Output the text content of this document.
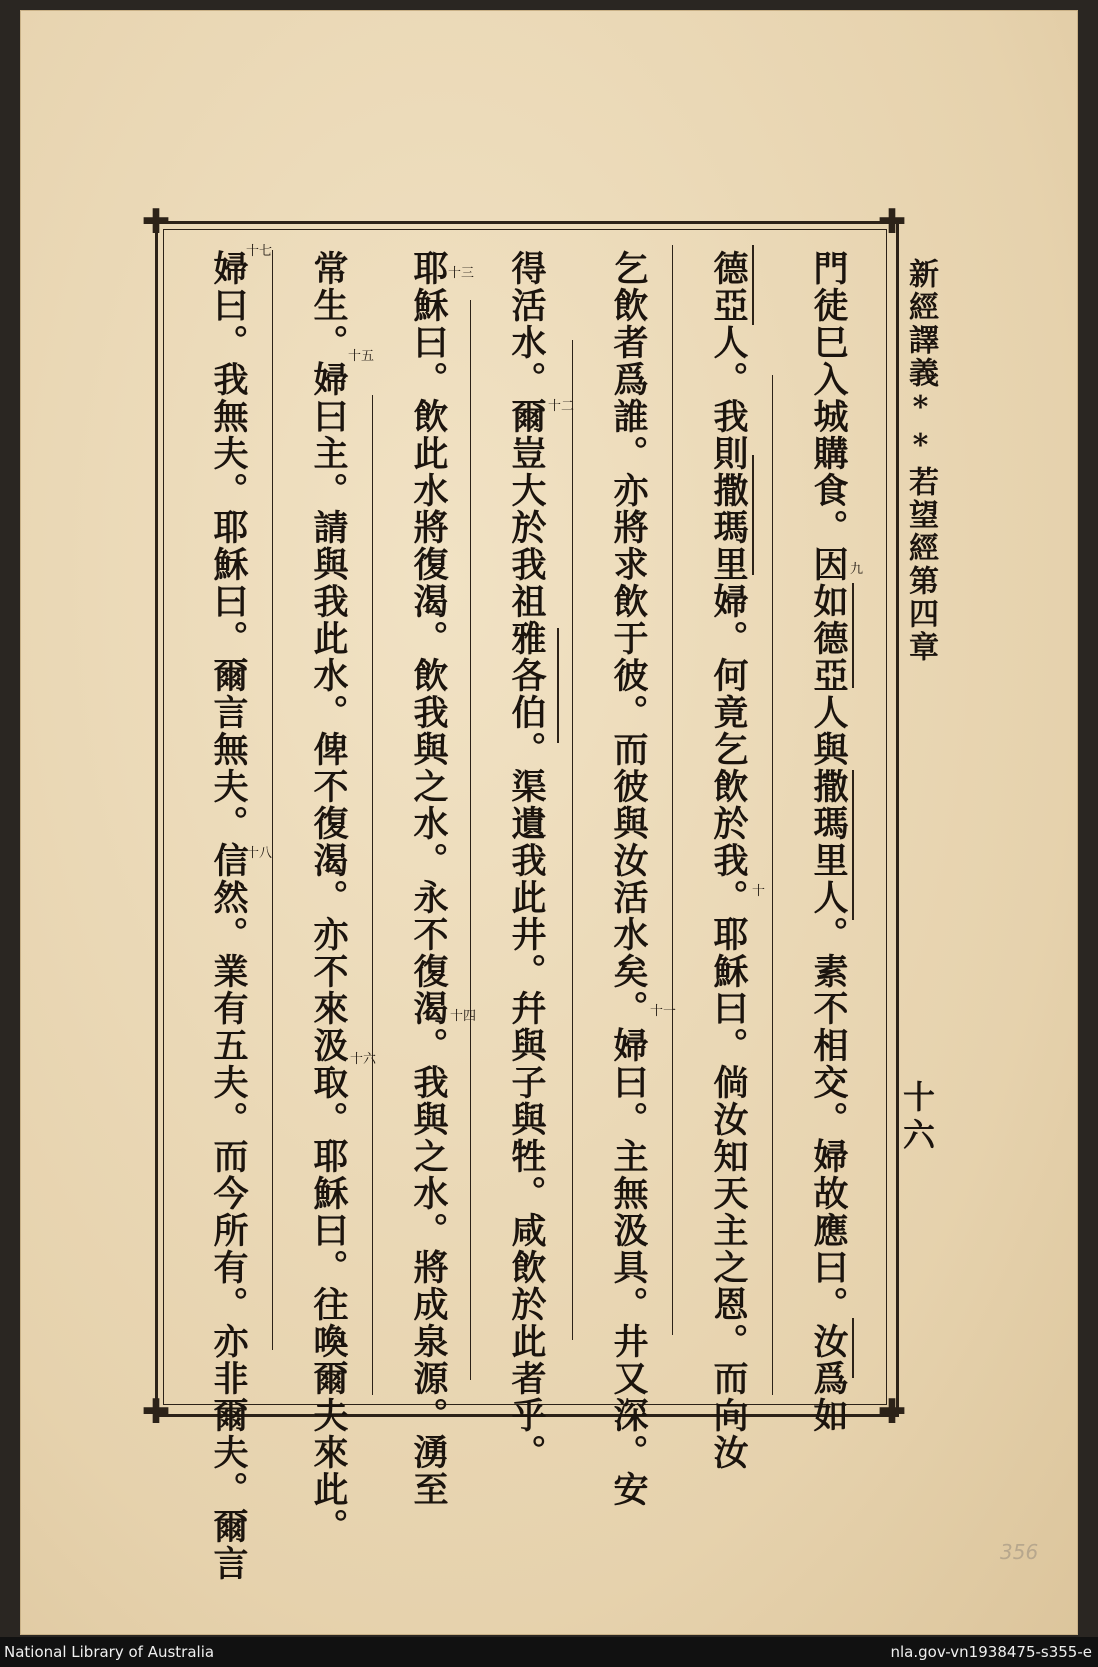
✚	✚
✚	✚
新經譯義**若望經第四章
十六
門徒巳入城購食。因如德亞人與撒瑪里人。素不相交。婦故應曰。汝爲如
德亞人。我則撒瑪里婦。何竟乞飲於我。耶穌曰。倘汝知天主之恩。而向汝
乞飲者爲誰。亦將求飲于彼。而彼與汝活水矣。婦曰。主無汲具。井又深。安
得活水。爾豈大於我祖雅各伯。渠遺我此井。幷與子與牲。咸飲於此者乎。
耶穌曰。飲此水將復渴。飲我與之水。永不復渴。我與之水。將成泉源。湧至
常生。婦曰主。請與我此水。俾不復渴。亦不來汲取。耶穌曰。往喚爾夫來此。
婦曰。我無夫。耶穌曰。爾言無夫。信然。業有五夫。而今所有。亦非爾夫。爾言	九
十
十一
十二
十三
十四
十五
十六
十七
十八
356
National Library of Australia	nla.gov-vn1938475-s355-e
